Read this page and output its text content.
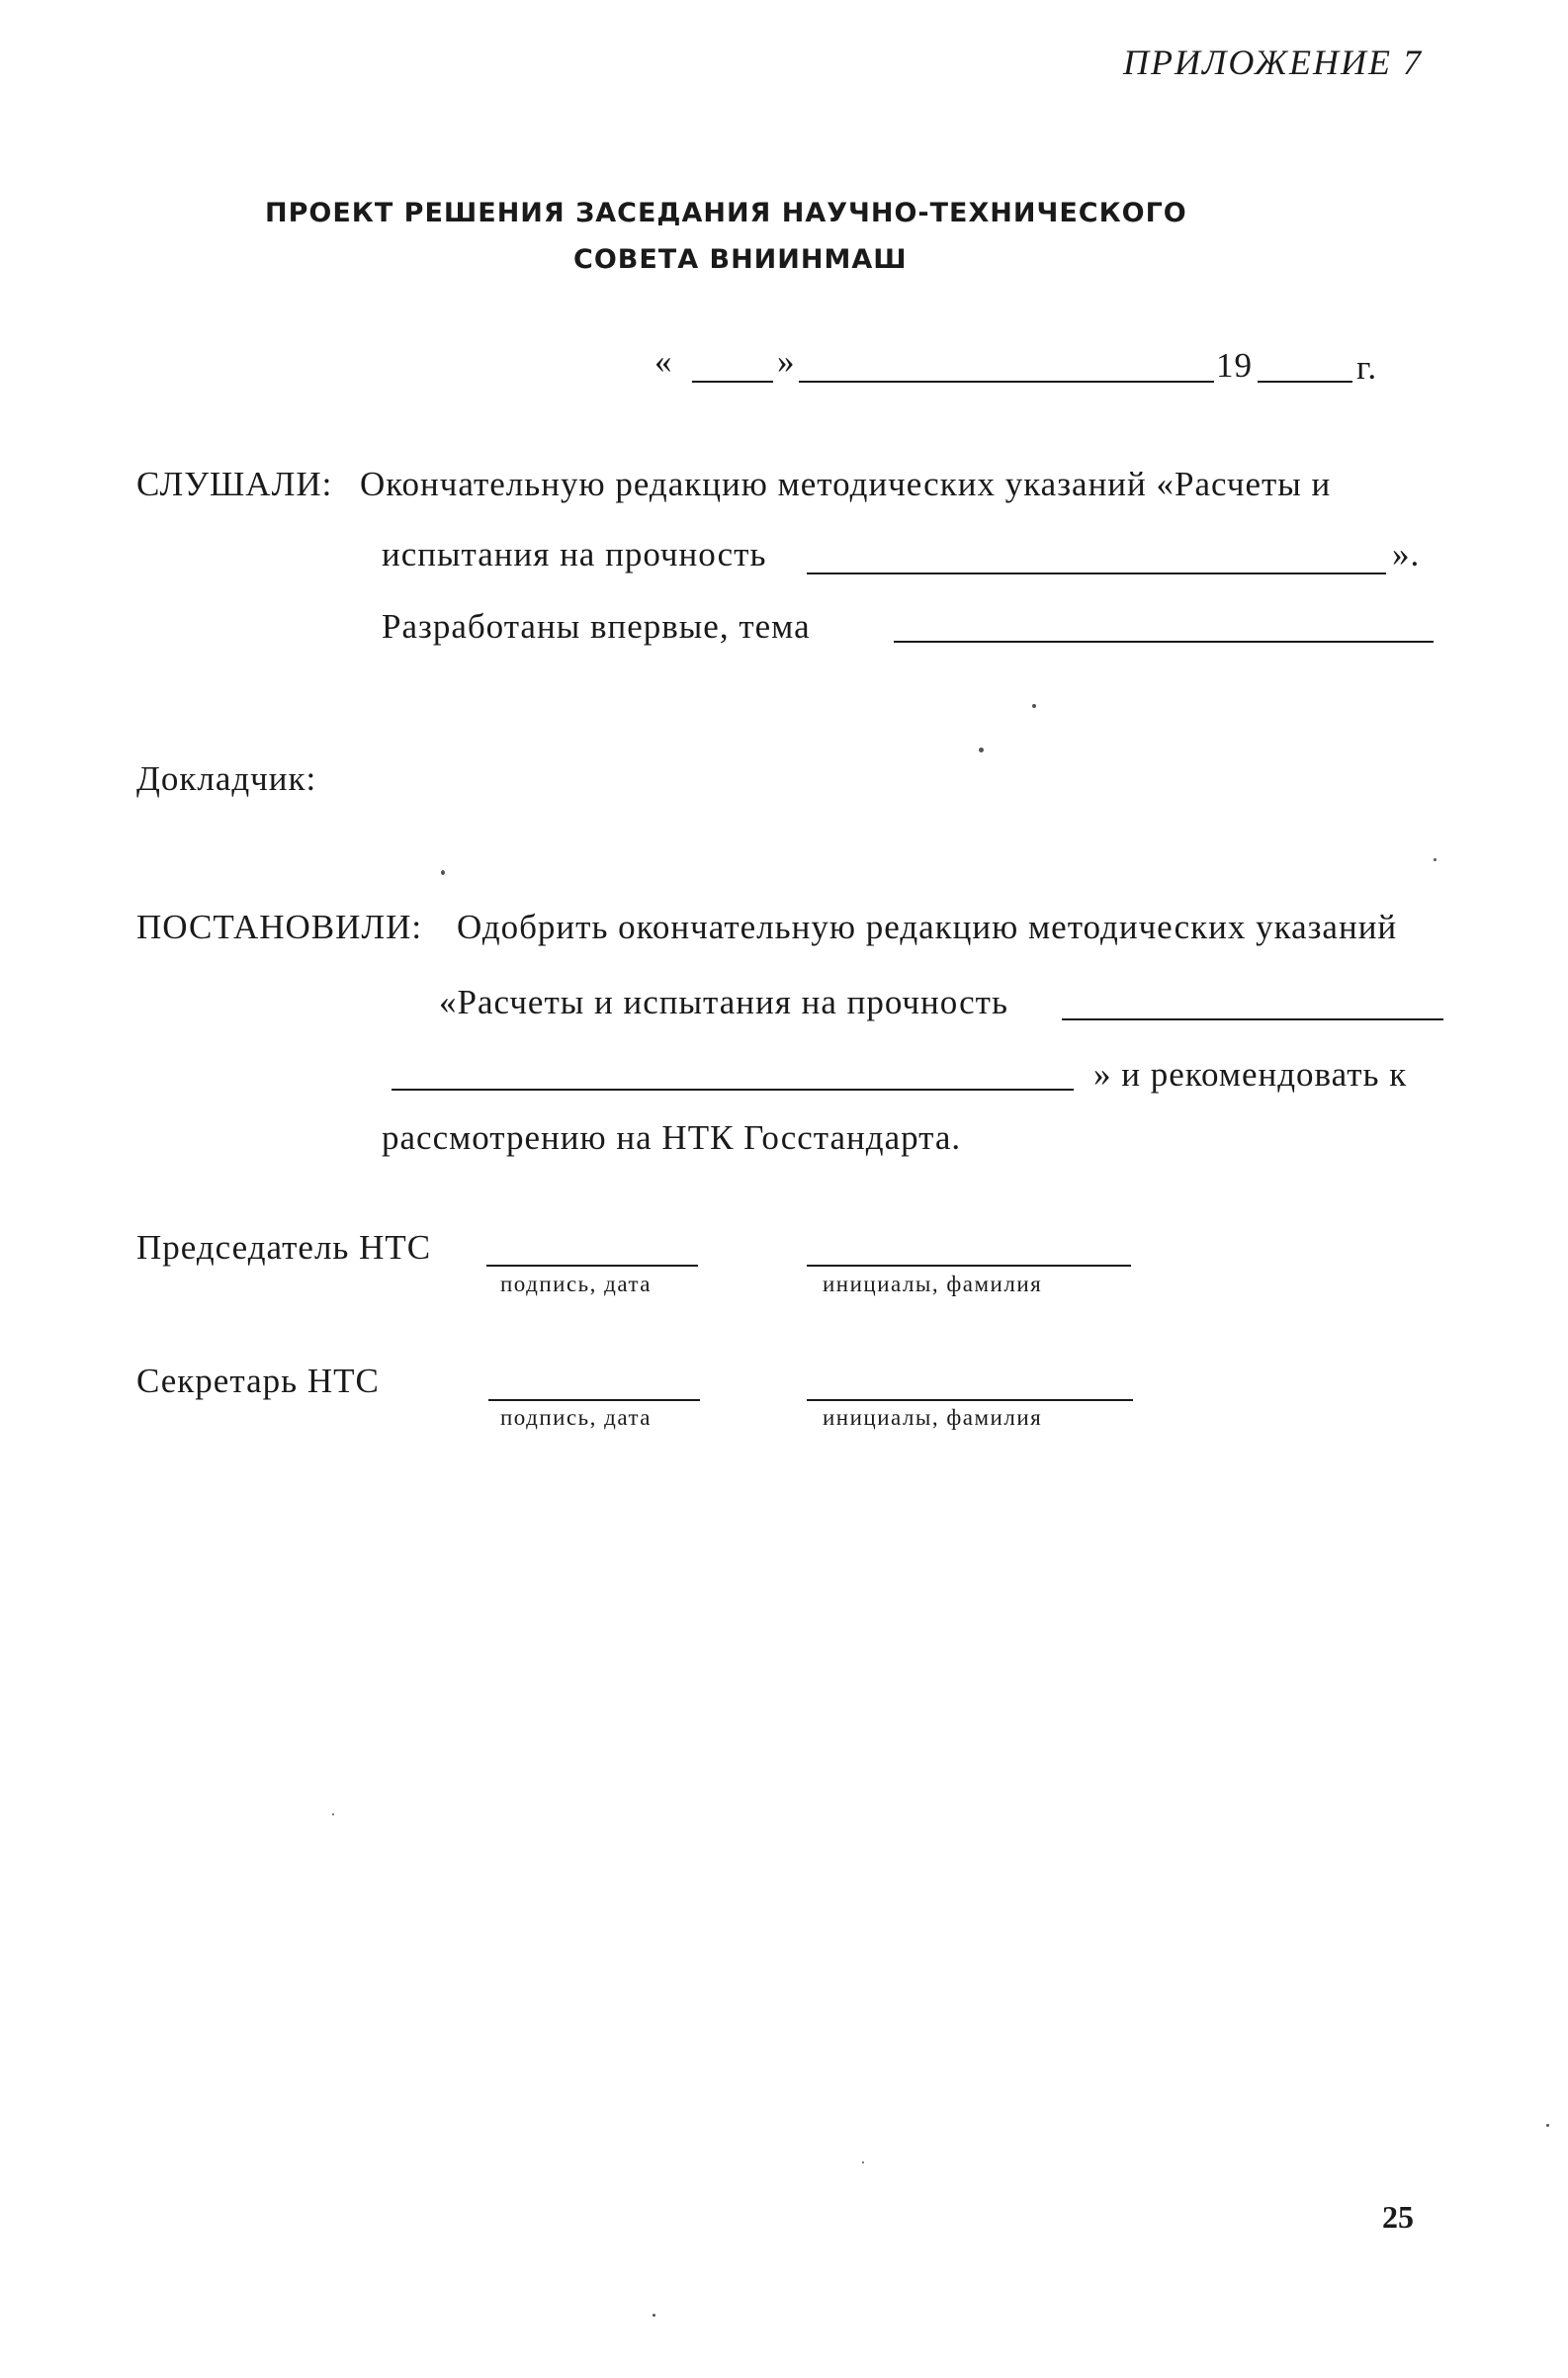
ПРИЛОЖЕНИЕ 7
ПРОЕКТ РЕШЕНИЯ ЗАСЕДАНИЯ НАУЧНО-ТЕХНИЧЕСКОГО
СОВЕТА ВНИИНМАШ
«	»	19	г.
СЛУШАЛИ: Окончательную редакцию методических указаний «Расчеты и
испытания на прочность	».
Разработаны впервые, тема
Докладчик:
ПОСТАНОВИЛИ: Одобрить окончательную редакцию методических указаний
«Расчеты и испытания на прочность
» и рекомендовать к
рассмотрению на НТК Госстандарта.
Председатель НТС
подпись, дата	инициалы, фамилия
Секретарь НТС
подпись, дата	инициалы, фамилия
25
